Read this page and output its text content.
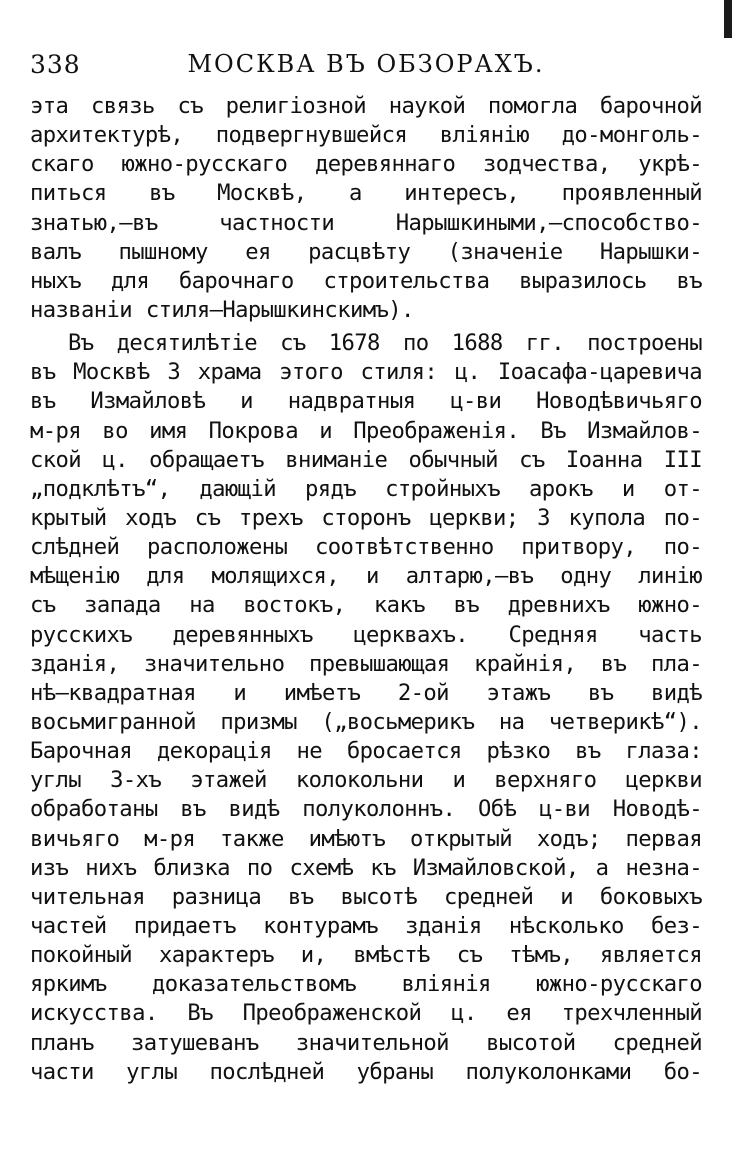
338	МОСКВА ВЪ ОБЗОРАХЪ.
эта связь съ религіозной наукой помогла барочной
архитектурѣ, подвергнувшейся вліянію до-монголь-
скаго южно-русскаго деревяннаго зодчества, укрѣ-
питься въ Москвѣ, а интересъ, проявленный
знатью,—въ частности Нарышкиными,—способство-
валъ пышному ея расцвѣту (значеніе Нарышки-
ныхъ для барочнаго строительства выразилось въ
названіи стиля—Нарышкинскимъ).
Въ десятилѣтіе съ 1678 по 1688 гг. построены
въ Москвѣ 3 храма этого стиля: ц. Іоасафа-царевича
въ Измайловѣ и надвратныя ц-ви Новодѣвичьяго
м-ря во имя Покрова и Преображенія. Въ Измайлов-
ской ц. обращаетъ вниманіе обычный съ Іоанна III
„подклѣтъ“, дающій рядъ стройныхъ арокъ и от-
крытый ходъ съ трехъ сторонъ церкви; 3 купола по-
слѣдней расположены соотвѣтственно притвору, по-
мѣщенію для молящихся, и алтарю,—въ одну линію
съ запада на востокъ, какъ въ древнихъ южно-
русскихъ деревянныхъ церквахъ. Средняя часть
зданія, значительно превышающая крайнія, въ пла-
нѣ—квадратная и имѣетъ 2-ой этажъ въ видѣ
восьмигранной призмы („восьмерикъ на четверикѣ“).
Барочная декорація не бросается рѣзко въ глаза:
углы 3-хъ этажей колокольни и верхняго церкви
обработаны въ видѣ полуколоннъ. Обѣ ц-ви Новодѣ-
вичьяго м-ря также имѣютъ открытый ходъ; первая
изъ нихъ близка по схемѣ къ Измайловской, а незна-
чительная разница въ высотѣ средней и боковыхъ
частей придаетъ контурамъ зданія нѣсколько без-
покойный характеръ и, вмѣстѣ съ тѣмъ, является
яркимъ доказательствомъ вліянія южно-русскаго
искусства. Въ Преображенской ц. ея трехчленный
планъ затушеванъ значительной высотой средней
части углы послѣдней убраны полуколонками бо-
